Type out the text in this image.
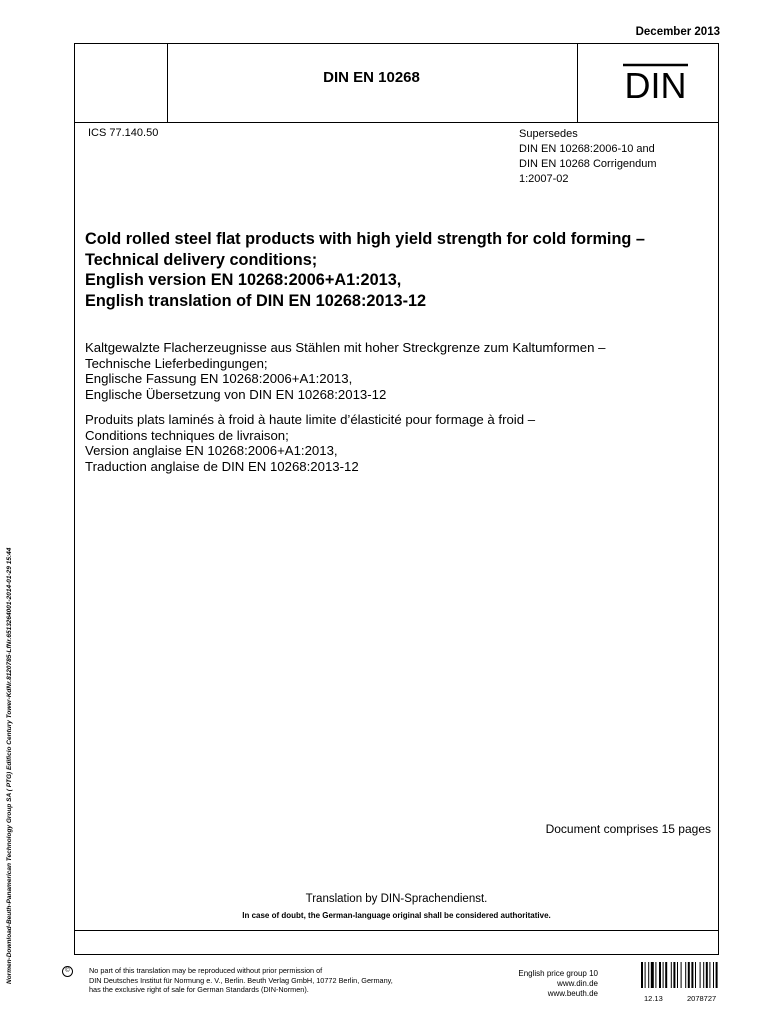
December 2013
DIN EN 10268	DIN
ICS 77.140.50	Supersedes
DIN EN 10268:2006-10 and
DIN EN 10268 Corrigendum
1:2007-02
Cold rolled steel flat products with high yield strength for cold forming –
Technical delivery conditions;
English version EN 10268:2006+A1:2013,
English translation of DIN EN 10268:2013-12
Kaltgewalzte Flacherzeugnisse aus Stählen mit hoher Streckgrenze zum Kaltumformen –
Technische Lieferbedingungen;
Englische Fassung EN 10268:2006+A1:2013,
Englische Übersetzung von DIN EN 10268:2013-12
Produits plats laminés à froid à haute limite d’élasticité pour formage à froid –
Conditions techniques de livraison;
Version anglaise EN 10268:2006+A1:2013,
Traduction anglaise de DIN EN 10268:2013-12
Document comprises 15 pages
Translation by DIN-Sprachendienst.
In case of doubt, the German-language original shall be considered authoritative.
Normen-Download-Beuth-Panamerican Technology Group SA ( PTG) Edificio Century Tower-KdNr.8120785-LfNr.6513264001-2014-01-29 15:44	©	No part of this translation may be reproduced without prior permission of
DIN Deutsches Institut für Normung e. V., Berlin. Beuth Verlag GmbH, 10772 Berlin, Germany,
has the exclusive right of sale for German Standards (DIN-Normen).
English price group 10
www.din.de
www.beuth.de
12.13	2078727
